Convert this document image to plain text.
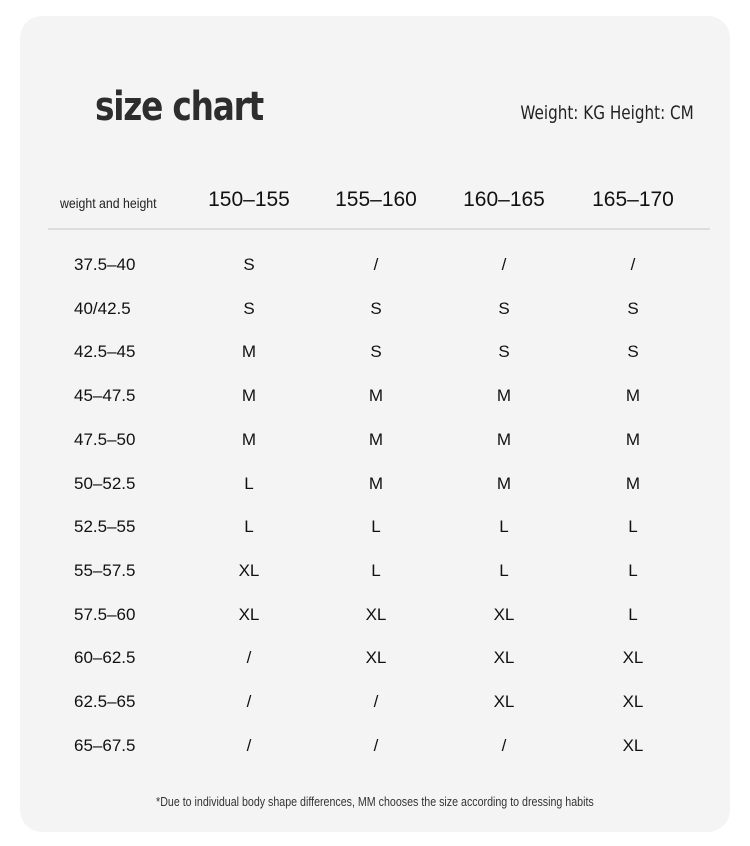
size chart	Weight: KG Height: CM
weight and height	150–155	155–160	160–165	165–170
37.5–40	S	/	/	/
40/42.5	S	S	S	S
42.5–45	M	S	S	S
45–47.5	M	M	M	M
47.5–50	M	M	M	M
50–52.5	L	M	M	M
52.5–55	L	L	L	L
55–57.5	XL	L	L	L
57.5–60	XL	XL	XL	L
60–62.5	/	XL	XL	XL
62.5–65	/	/	XL	XL
65–67.5	/	/	/	XL
*Due to individual body shape differences, MM chooses the size according to dressing habits
